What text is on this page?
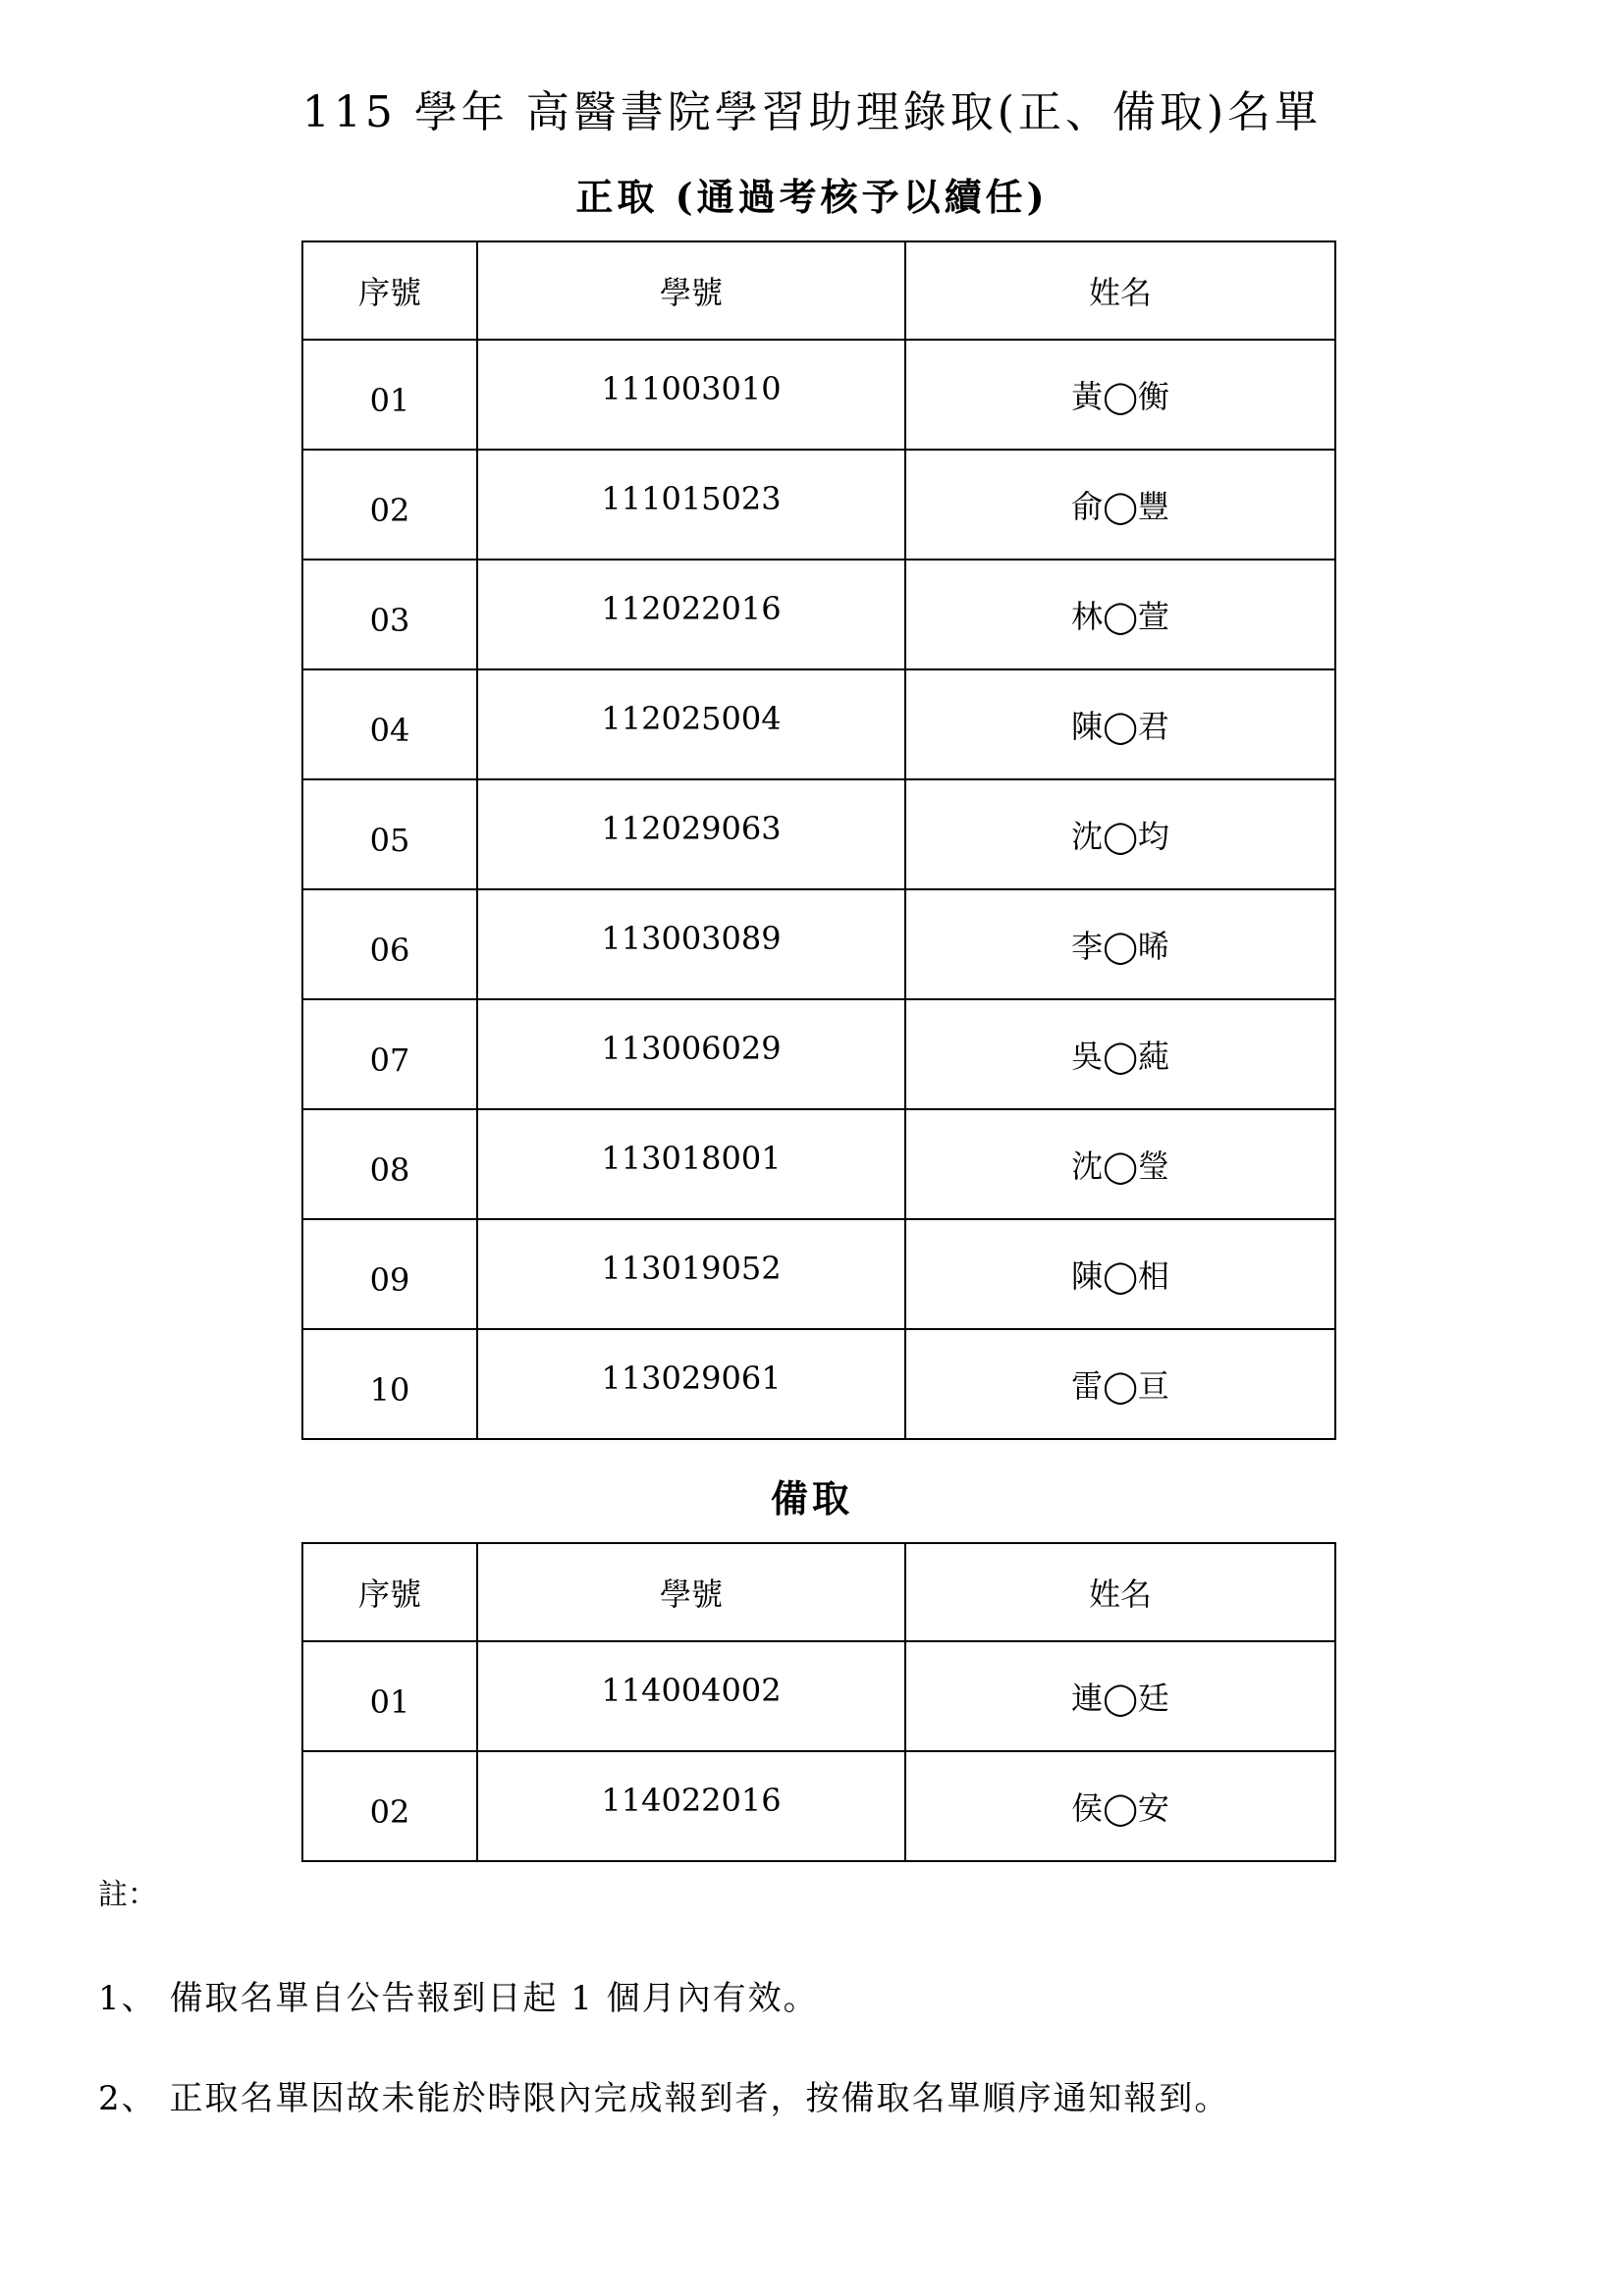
115 學年 高醫書院學習助理錄取(正、備取)名單
正取 (通過考核予以續任)
序號	學號	姓名
01	111003010	黃◯衡
02	111015023	俞◯豐
03	112022016	林◯萱
04	112025004	陳◯君
05	112029063	沈◯均
06	113003089	李◯晞
07	113006029	吳◯蒓
08	113018001	沈◯瑩
09	113019052	陳◯相
10	113029061	雷◯亘
備取
序號	學號	姓名
01	114004002	連◯廷
02	114022016	侯◯安
註：
1、 備取名單自公告報到日起 1 個月內有效。
2、 正取名單因故未能於時限內完成報到者，按備取名單順序通知報到。
